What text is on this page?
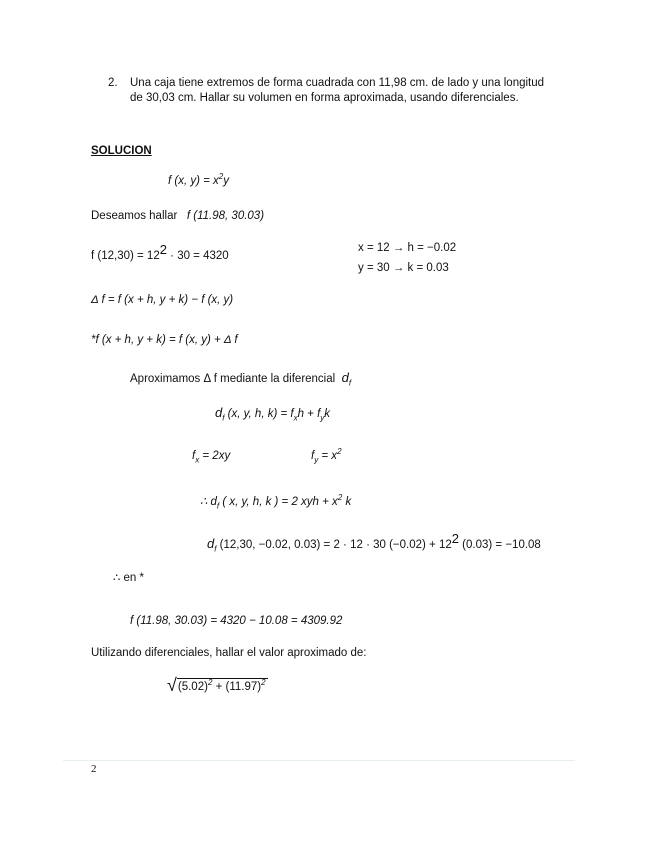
2. Una caja tiene extremos de forma cuadrada con 11,98 cm. de lado y una longitud
de 30,03 cm. Hallar su volumen en forma aproximada, usando diferenciales.
SOLUCION
f (x, $y) = x^2y$
Deseamos hallar f (11.98, 30.03)
f $(12,30) = 12^2 \cdot 30 = 4320$
x = 12 → h = −0.02
y = 30 → k = 0.03
Δ f = f (x + h, y + k) − f (x, y)
*f (x + h, y + k) = f (x, y) + Δ f
Aproximamos Δ f mediante la diferencial $d_f$
$d_f$ (x, y, h, $k) = f_xh + f_yk$
$f_x = 2xy$	$f_y = x^2$
∴ $d_f$ ( x, y, h, k ) = 2 xyh + $x^2$ k
$d_f$ (12,30, −0.02, 0.03) = 2 · 12 · 30 $(-0.02) + 12^2$ (0.03) = −10.08
∴ en *
f (11.98, 30.03) = 4320 − 10.08 = 4309.92
Utilizando diferenciales, hallar el valor aproximado de:
$√(5.02)^2 + (11.97)^2$
2
